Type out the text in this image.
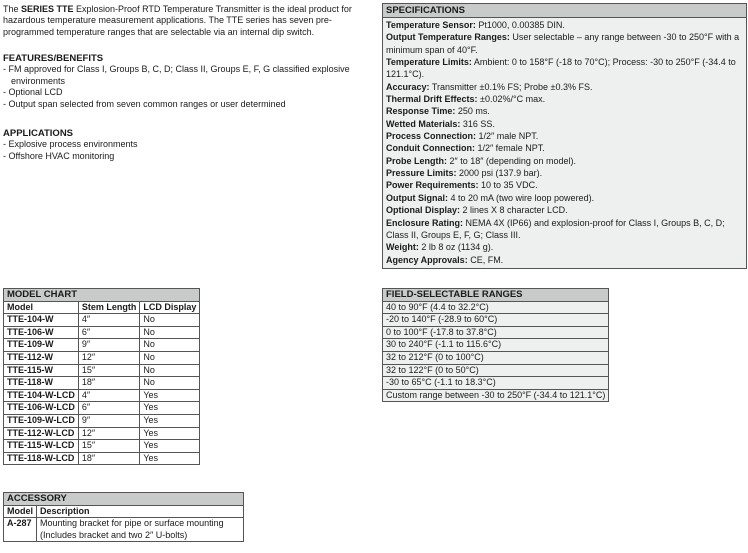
The SERIES TTE Explosion-Proof RTD Temperature Transmitter is the ideal product for hazardous temperature measurement applications. The TTE series has seven pre-programmed temperature ranges that are selectable via an internal dip switch.
FEATURES/BENEFITS
- FM approved for Class I, Groups B, C, D; Class II, Groups E, F, G classified explosive environments
- Optional LCD
- Output span selected from seven common ranges or user determined
APPLICATIONS
- Explosive process environments
- Offshore HVAC monitoring
SPECIFICATIONS
Temperature Sensor: Pt1000, 0.00385 DIN.
Output Temperature Ranges: User selectable – any range between -30 to 250°F with a minimum span of 40°F.
Temperature Limits: Ambient: 0 to 158°F (-18 to 70°C); Process: -30 to 250°F (-34.4 to 121.1°C).
Accuracy: Transmitter ±0.1% FS; Probe ±0.3% FS.
Thermal Drift Effects: ±0.02%/°C max.
Response Time: 250 ms.
Wetted Materials: 316 SS.
Process Connection: 1/2″ male NPT.
Conduit Connection: 1/2″ female NPT.
Probe Length: 2″ to 18″ (depending on model).
Pressure Limits: 2000 psi (137.9 bar).
Power Requirements: 10 to 35 VDC.
Output Signal: 4 to 20 mA (two wire loop powered).
Optional Display: 2 lines X 8 character LCD.
Enclosure Rating: NEMA 4X (IP66) and explosion-proof for Class I, Groups B, C, D; Class II, Groups E, F, G; Class III.
Weight: 2 lb 8 oz (1134 g).
Agency Approvals: CE, FM.
MODEL CHART		
Model	Stem Length	LCD Display
TTE-104-W	4″	No
TTE-106-W	6″	No
TTE-109-W	9″	No
TTE-112-W	12″	No
TTE-115-W	15″	No
TTE-118-W	18″	No
TTE-104-W-LCD	4″	Yes
TTE-106-W-LCD	6″	Yes
TTE-109-W-LCD	9″	Yes
TTE-112-W-LCD	12″	Yes
TTE-115-W-LCD	15″	Yes
TTE-118-W-LCD	18″	Yes
FIELD-SELECTABLE RANGES
40 to 90°F (4.4 to 32.2°C)
-20 to 140°F (-28.9 to 60°C)
0 to 100°F (-17.8 to 37.8°C)
30 to 240°F (-1.1 to 115.6°C)
32 to 212°F (0 to 100°C)
32 to 122°F (0 to 50°C)
-30 to 65°C (-1.1 to 18.3°C)
Custom range between -30 to 250°F (-34.4 to 121.1°C)
ACCESSORY	
Model	Description
A-287	Mounting bracket for pipe or surface mounting (Includes bracket and two 2″ U-bolts)
